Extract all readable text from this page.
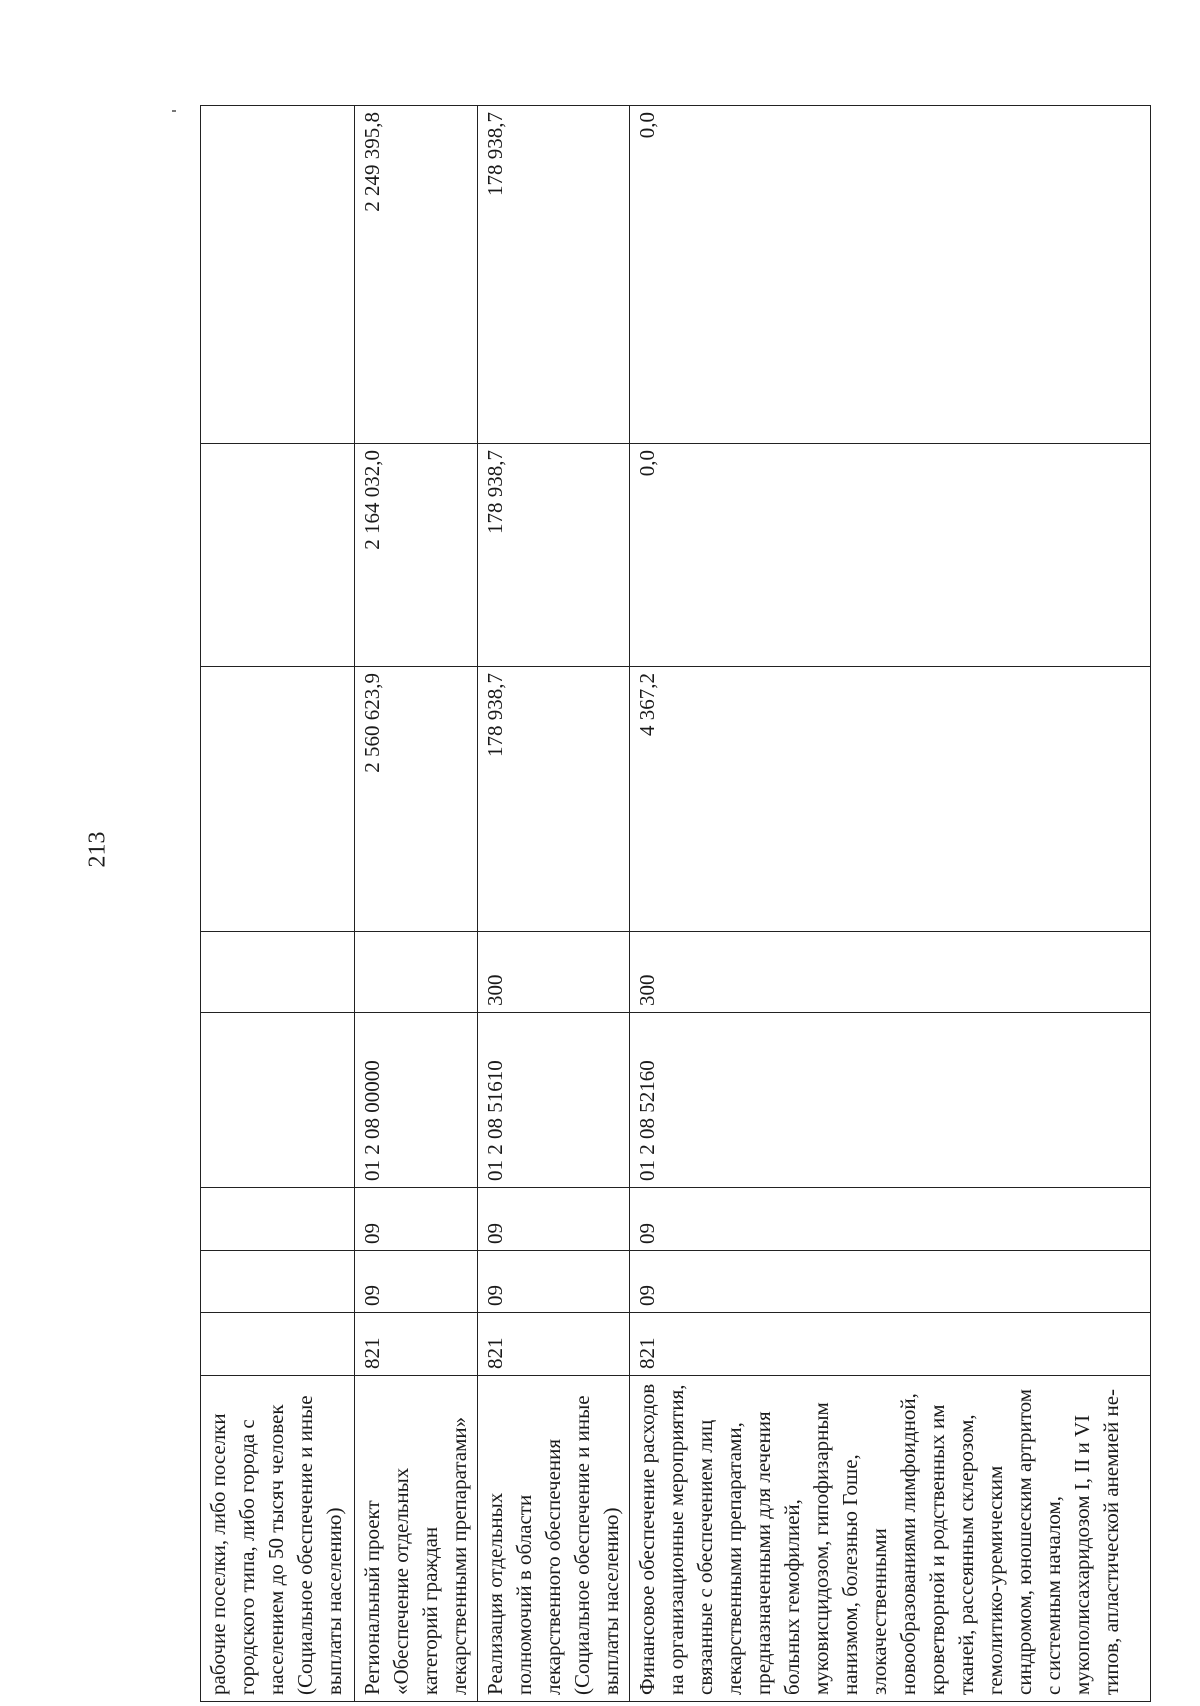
213
рабочие поселки, либо поселки городского типа, либо города с населением до 50 тысяч человек (Социальное обеспечение и иные выплаты населению)								
Региональный проект «Обеспечение отдельных категорий граждан лекарственными препаратами»	821	09	09	01 2 08 00000		2 560 623,9	2 164 032,0	2 249 395,8
Реализация отдельных полномочий в области лекарственного обеспечения (Социальное обеспечение и иные выплаты населению)	821	09	09	01 2 08 51610	300	178 938,7	178 938,7	178 938,7
Финансовое обеспечение расходов на организационные мероприятия, связанные с обеспечением лиц лекарственными препаратами, предназначенными для лечения больных гемофилией, муковисцидозом, гипофизарным нанизмом, болезнью Гоше, злокачественными новообразованиями лимфоидной, кроветворной и родственных им тканей, рассеянным склерозом, гемолитико-уремическим синдромом, юношеским артритом с системным началом, мукополисахаридозом I, II и VI типов, апластической анемией не-	821	09	09	01 2 08 52160	300	4 367,2	0,0	0,0
